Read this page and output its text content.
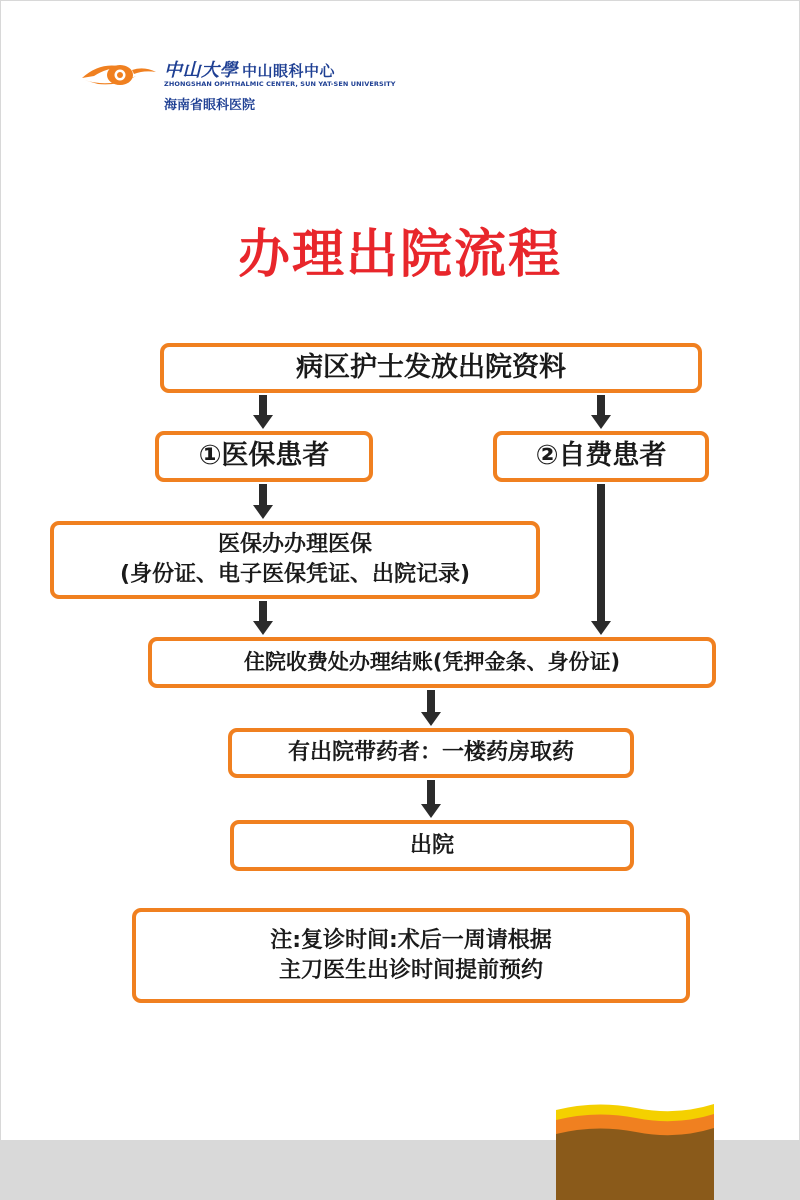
中山大學 中山眼科中心
ZHONGSHAN OPHTHALMIC CENTER, SUN YAT-SEN UNIVERSITY
海南省眼科医院
办理出院流程
病区护士发放出院资料
①医保患者	②自费患者
医保办办理医保
(身份证、电子医保凭证、出院记录)
住院收费处办理结账(凭押金条、身份证)
有出院带药者：一楼药房取药
出院
注:复诊时间:术后一周请根据
主刀医生出诊时间提前预约
